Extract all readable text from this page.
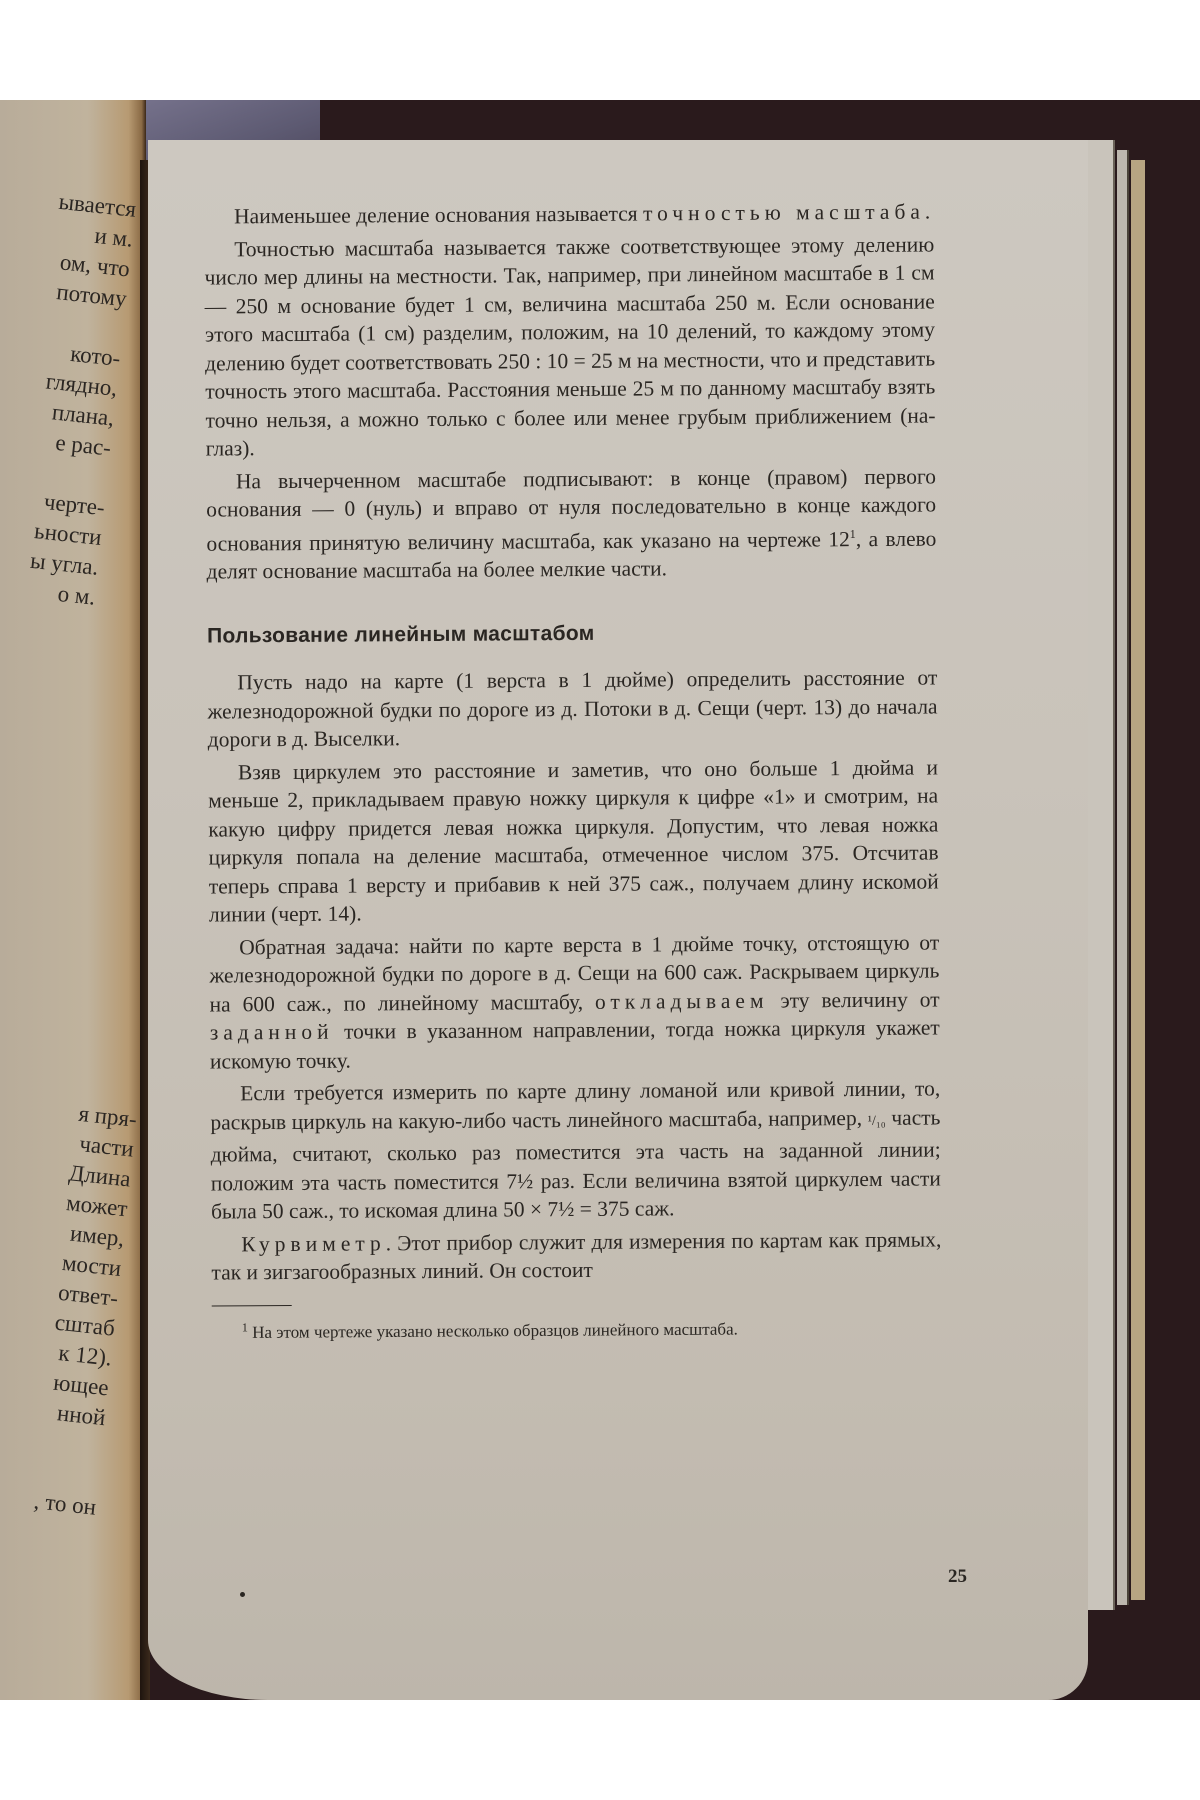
ывается
и м.
ом, что
потому

кото-
глядно,
плана,
е рас-

черте-
ьности
ы угла.
о м.
я пря-
части
Длина
может
имер,
мости
ответ-
сштаб
к 12).
ющее
нной

, то он

Наименьшее деление основания называется точностью масштаба.

Точностью масштаба называется также соответствующее этому делению число мер длины на местности. Так, например, при линейном масштабе в 1 см — 250 м основание будет 1 см, величина масштаба 250 м. Если основание этого масштаба (1 см) разделим, положим, на 10 делений, то каждому этому делению будет соответствовать 250 : 10 = 25 м на местности, что и представить точность этого масштаба. Расстояния меньше 25 м по данному масштабу взять точно нельзя, а можно только с более или менее грубым приближением (на-глаз).

На вычерченном масштабе подписывают: в конце (правом) первого основания — 0 (нуль) и вправо от нуля последовательно в конце каждого основания принятую величину масштаба, как указано на чертеже $12^1$, а влево делят основание масштаба на более мелкие части.

Пользование линейным масштабом

Пусть надо на карте (1 верста в 1 дюйме) определить расстояние от железнодорожной будки по дороге из д. Потоки в д. Сещи (черт. 13) до начала дороги в д. Выселки.

Взяв циркулем это расстояние и заметив, что оно больше 1 дюйма и меньше 2, прикладываем правую ножку циркуля к цифре «1» и смотрим, на какую цифру придется левая ножка циркуля. Допустим, что левая ножка циркуля попала на деление масштаба, отмеченное числом 375. Отсчитав теперь справа 1 версту и прибавив к ней 375 саж., получаем длину искомой линии (черт. 14).

Обратная задача: найти по карте верста в 1 дюйме точку, отстоящую от железнодорожной будки по дороге в д. Сещи на 600 саж. Раскрываем циркуль на 600 саж., по линейному масштабу, откладываем эту величину от заданной точки в указанном направлении, тогда ножка циркуля укажет искомую точку.

Если требуется измерить по карте длину ломаной или кривой линии, то, раскрыв циркуль на какую-либо часть линейного масштаба, например, ¹/₁₀ часть дюйма, считают, сколько раз поместится эта часть на заданной линии; положим эта часть поместится 7½ раз. Если величина взятой циркулем части была 50 саж., то искомая длина 50 × 7½ = 375 саж.

Курвиметр. Этот прибор служит для измерения по картам как прямых, так и зигзагообразных линий. Он состоит

$^1$ На этом чертеже указано несколько образцов линейного масштаба.

25
